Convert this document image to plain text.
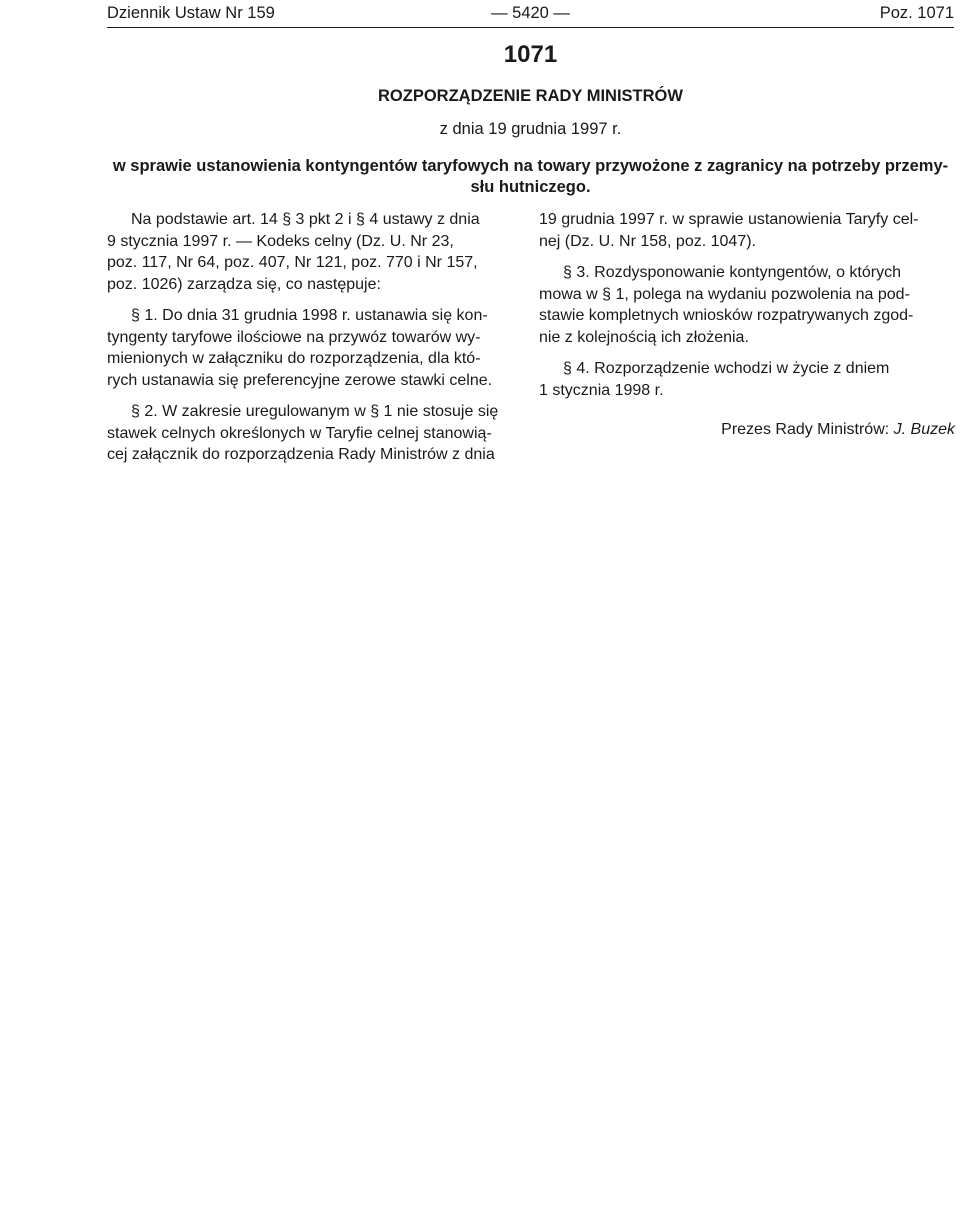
Dziennik Ustaw Nr 159	— 5420 —	Poz. 1071
1071
ROZPORZĄDZENIE RADY MINISTRÓW
z dnia 19 grudnia 1997 r.
w sprawie ustanowienia kontyngentów taryfowych na towary przywożone z zagranicy na potrzeby przemy-
słu hutniczego.
Na podstawie art. 14 § 3 pkt 2 i § 4 ustawy z dnia
9 stycznia 1997 r. — Kodeks celny (Dz. U. Nr 23,
poz. 117, Nr 64, poz. 407, Nr 121, poz. 770 i Nr 157,
poz. 1026) zarządza się, co następuje:
§ 1. Do dnia 31 grudnia 1998 r. ustanawia się kon-
tyngenty taryfowe ilościowe na przywóz towarów wy-
mienionych w załączniku do rozporządzenia, dla któ-
rych ustanawia się preferencyjne zerowe stawki celne.
§ 2. W zakresie uregulowanym w § 1 nie stosuje się
stawek celnych określonych w Taryfie celnej stanowią-
cej załącznik do rozporządzenia Rady Ministrów z dnia
19 grudnia 1997 r. w sprawie ustanowienia Taryfy cel-
nej (Dz. U. Nr 158, poz. 1047).
§ 3. Rozdysponowanie kontyngentów, o których
mowa w § 1, polega na wydaniu pozwolenia na pod-
stawie kompletnych wniosków rozpatrywanych zgod-
nie z kolejnością ich złożenia.
§ 4. Rozporządzenie wchodzi w życie z dniem
1 stycznia 1998 r.
Prezes Rady Ministrów: J. Buzek
